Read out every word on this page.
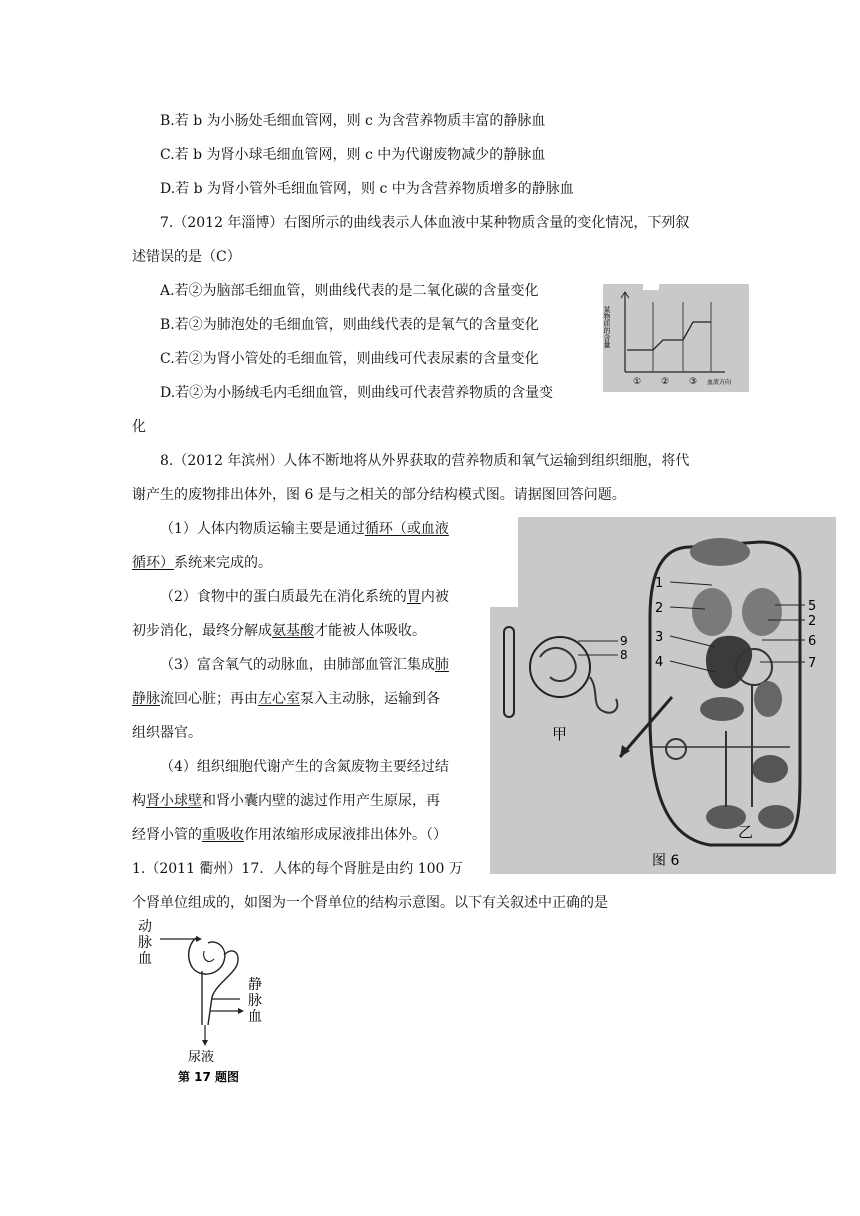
B.若 b 为小肠处毛细血管网，则 c 为含营养物质丰富的静脉血
C.若 b 为肾小球毛细血管网，则 c 中为代谢废物减少的静脉血
D.若 b 为肾小管外毛细血管网，则 c 中为含营养物质增多的静脉血
7.（2012 年淄博）右图所示的曲线表示人体血液中某种物质含量的变化情况，下列叙
述错误的是（C）
A.若②为脑部毛细血管，则曲线代表的是二氧化碳的含量变化
B.若②为肺泡处的毛细血管，则曲线代表的是氧气的含量变化
C.若②为肾小管处的毛细血管，则曲线可代表尿素的含量变化
D.若②为小肠绒毛内毛细血管，则曲线可代表营养物质的含量变
化
某物质的含量
① ② ③ 血流方向
8.（2012 年滨州）人体不断地将从外界获取的营养物质和氧气运输到组织细胞，将代
谢产生的废物排出体外，图 6 是与之相关的部分结构模式图。请据图回答问题。
（1）人体内物质运输主要是通过循环（或血液
循环）系统来完成的。
（2）食物中的蛋白质最先在消化系统的胃内被
初步消化，最终分解成氨基酸才能被人体吸收。
（3）富含氧气的动脉血，由肺部血管汇集成肺
静脉流回心脏；再由左心室泵入主动脉，运输到各
组织器官。
（4）组织细胞代谢产生的含氮废物主要经过结
构肾小球壁和肾小囊内壁的滤过作用产生原尿，再
经肾小管的重吸收作用浓缩形成尿液排出体外。（）
1
2
3
4
5
2
6
7
9
8
甲
乙
图 6
1.（2011 衢州）17．人体的每个肾脏是由约 100 万
个肾单位组成的，如图为一个肾单位的结构示意图。以下有关叙述中正确的是
动
脉
血
静
脉
血
尿液
第 17 题图
